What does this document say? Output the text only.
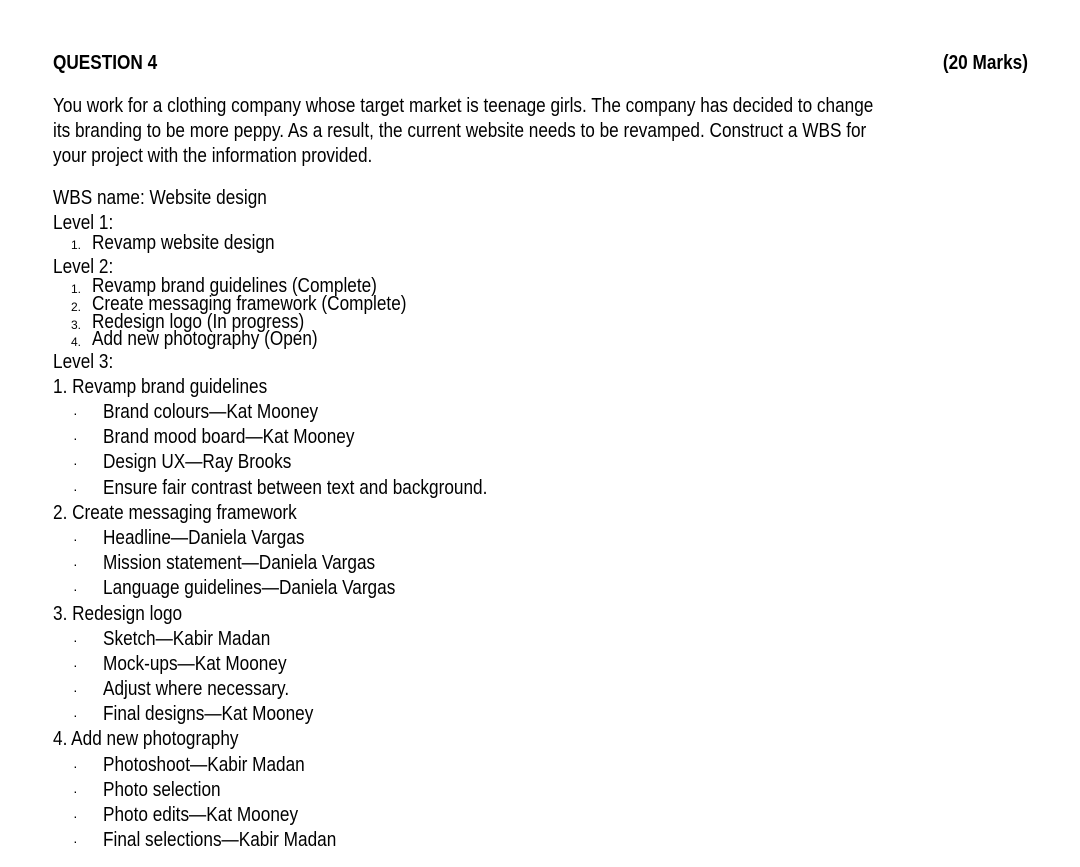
QUESTION 4	(20 Marks)
You work for a clothing company whose target market is teenage girls. The company has decided to change
its branding to be more peppy. As a result, the current website needs to be revamped. Construct a WBS for
your project with the information provided.
WBS name: Website design
Level 1:
1. Revamp website design
Level 2:
1. Revamp brand guidelines (Complete)
2. Create messaging framework (Complete)
3. Redesign logo (In progress)
4. Add new photography (Open)
Level 3:
1. Revamp brand guidelines
· Brand colours—Kat Mooney
· Brand mood board—Kat Mooney
· Design UX—Ray Brooks
· Ensure fair contrast between text and background.
2. Create messaging framework
· Headline—Daniela Vargas
· Mission statement—Daniela Vargas
· Language guidelines—Daniela Vargas
3. Redesign logo
· Sketch—Kabir Madan
· Mock-ups—Kat Mooney
· Adjust where necessary.
· Final designs—Kat Mooney
4. Add new photography
· Photoshoot—Kabir Madan
· Photo selection
· Photo edits—Kat Mooney
· Final selections—Kabir Madan
